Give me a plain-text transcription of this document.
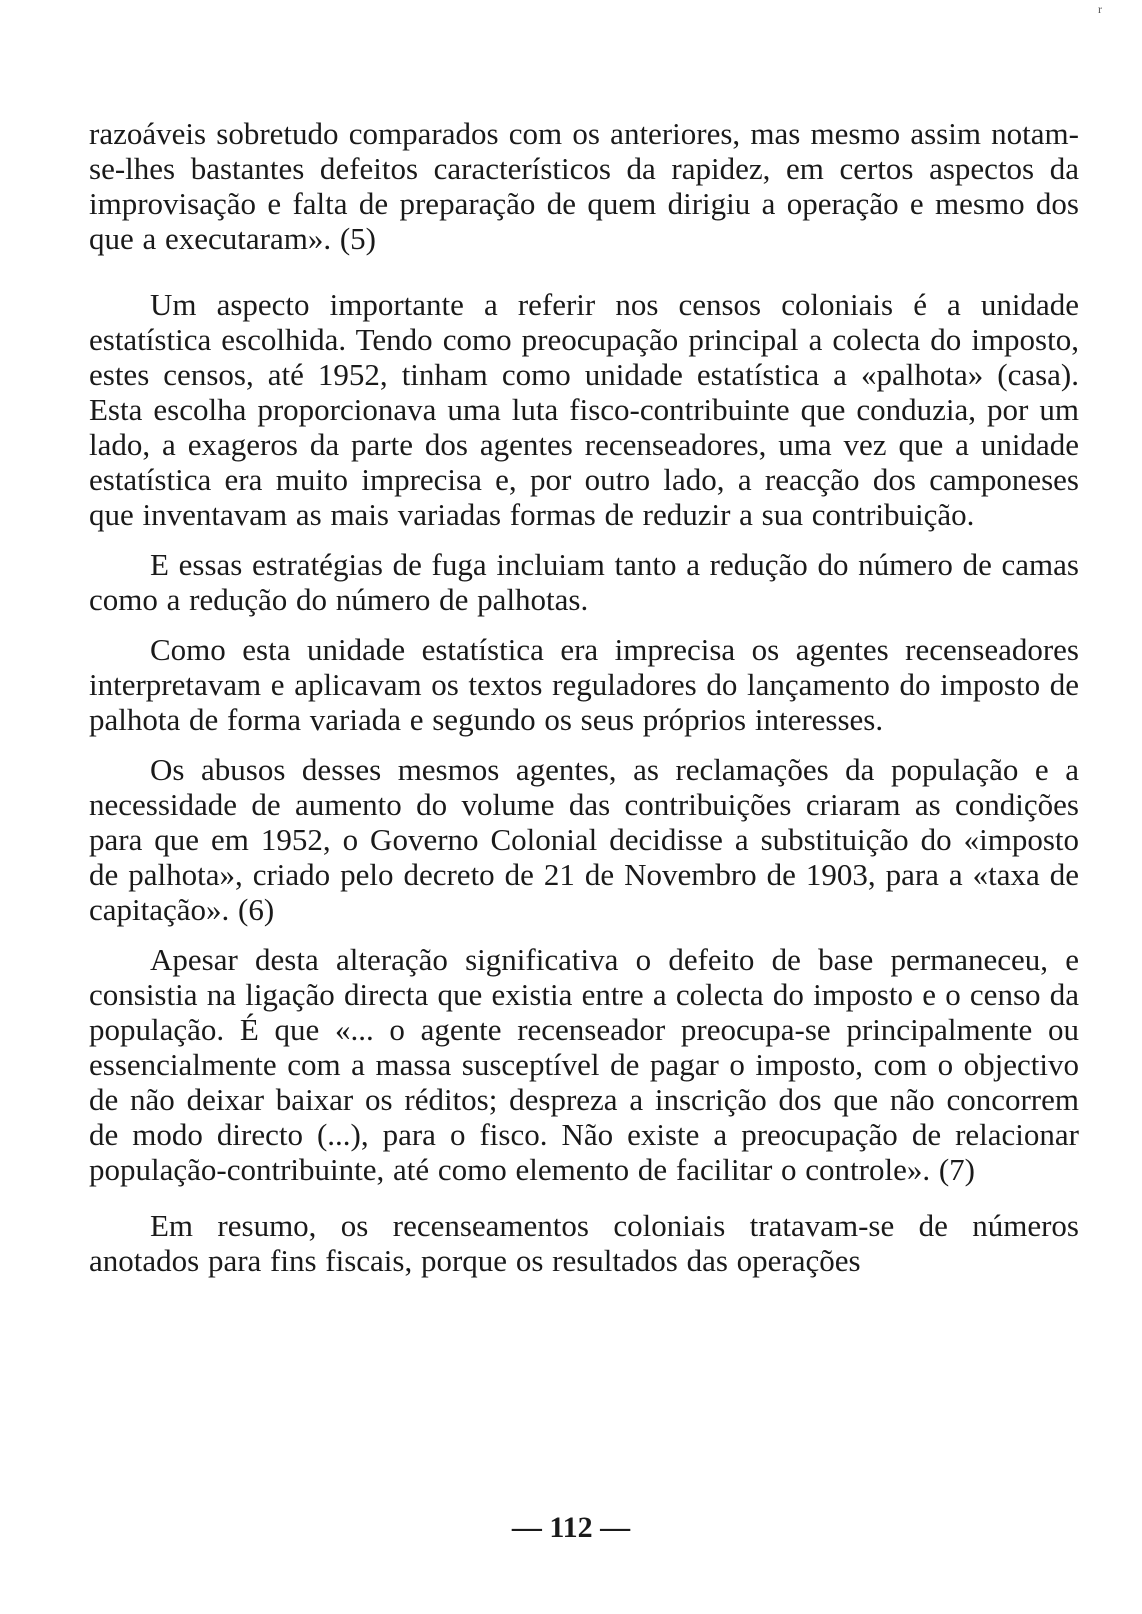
r

razoáveis sobretudo comparados com os anteriores, mas mesmo assim notam-se-lhes bastantes defeitos característicos da rapidez, em certos aspectos da improvisação e falta de preparação de quem dirigiu a operação e mesmo dos que a executaram». (5)

Um aspecto importante a referir nos censos coloniais é a unidade estatística escolhida. Tendo como preocupação principal a colecta do imposto, estes censos, até 1952, tinham como unidade estatística a «palhota» (casa). Esta escolha proporcionava uma luta fisco-contribuinte que conduzia, por um lado, a exageros da parte dos agentes recenseadores, uma vez que a unidade estatística era muito imprecisa e, por outro lado, a reacção dos camponeses que inventavam as mais variadas formas de reduzir a sua contribuição.

E essas estratégias de fuga incluiam tanto a redução do número de camas como a redução do número de palhotas.

Como esta unidade estatística era imprecisa os agentes recenseadores interpretavam e aplicavam os textos reguladores do lançamento do imposto de palhota de forma variada e segundo os seus próprios interesses.

Os abusos desses mesmos agentes, as reclamações da população e a necessidade de aumento do volume das contribuições criaram as condições para que em 1952, o Governo Colonial decidisse a substituição do «imposto de palhota», criado pelo decreto de 21 de Novembro de 1903, para a «taxa de capitação». (6)

Apesar desta alteração significativa o defeito de base permaneceu, e consistia na ligação directa que existia entre a colecta do imposto e o censo da população. É que «... o agente recenseador preocupa-se principalmente ou essencialmente com a massa susceptível de pagar o imposto, com o objectivo de não deixar baixar os réditos; despreza a inscrição dos que não concorrem de modo directo (...), para o fisco. Não existe a preocupação de relacionar população-contribuinte, até como elemento de facilitar o controle». (7)

Em resumo, os recenseamentos coloniais tratavam-se de números anotados para fins fiscais, porque os resultados das operações

— 112 —
